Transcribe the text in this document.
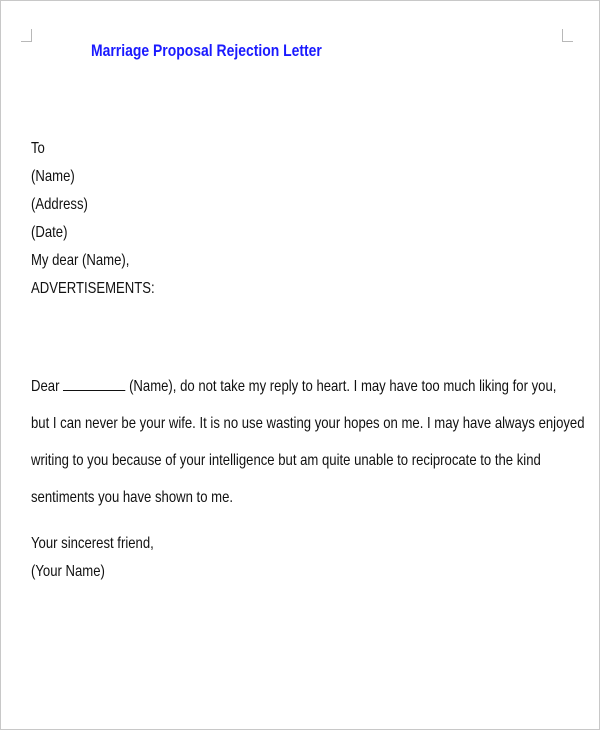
Marriage Proposal Rejection Letter
To
(Name)
(Address)
(Date)
My dear (Name),
ADVERTISEMENTS:
Dear	(Name), do not take my reply to heart. I may have too much liking for you,
but I can never be your wife. It is no use wasting your hopes on me. I may have always enjoyed
writing to you because of your intelligence but am quite unable to reciprocate to the kind
sentiments you have shown to me.
Your sincerest friend,
(Your Name)
